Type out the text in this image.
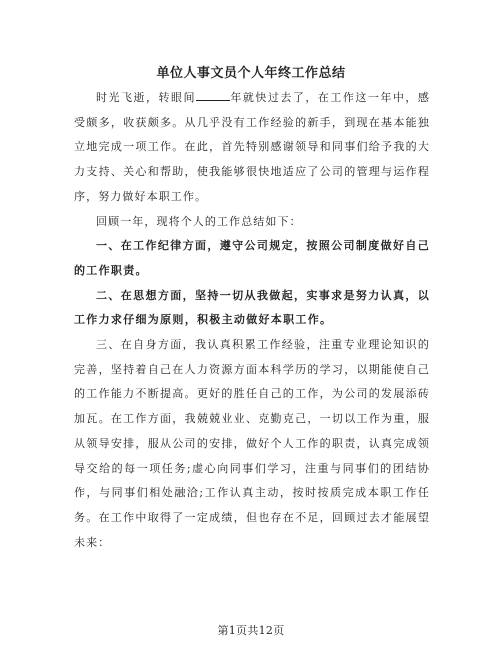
单位人事文员个人年终工作总结

时光飞逝，转眼间	年就快过去了，在工作这一年中，感受颇多，收获颇多。从几乎没有工作经验的新手，到现在基本能独立地完成一项工作。在此，首先特别感谢领导和同事们给予我的大力支持、关心和帮助，使我能够很快地适应了公司的管理与运作程序，努力做好本职工作。

回顾一年，现将个人的工作总结如下：

一、在工作纪律方面，遵守公司规定，按照公司制度做好自己的工作职责。

二、在思想方面，坚持一切从我做起，实事求是努力认真，以工作力求仔细为原则，积极主动做好本职工作。

三、在自身方面，我认真积累工作经验，注重专业理论知识的完善，坚持着自己在人力资源方面本科学历的学习，以期能使自己的工作能力不断提高。更好的胜任自己的工作，为公司的发展添砖加瓦。在工作方面，我兢兢业业、克勤克己，一切以工作为重，服从领导安排，服从公司的安排，做好个人工作的职责，认真完成领导交给的每一项任务;虚心向同事们学习，注重与同事们的团结协作，与同事们相处融洽;工作认真主动，按时按质完成本职工作任务。在工作中取得了一定成绩，但也存在不足，回顾过去才能展望未来：

第1页共12页
